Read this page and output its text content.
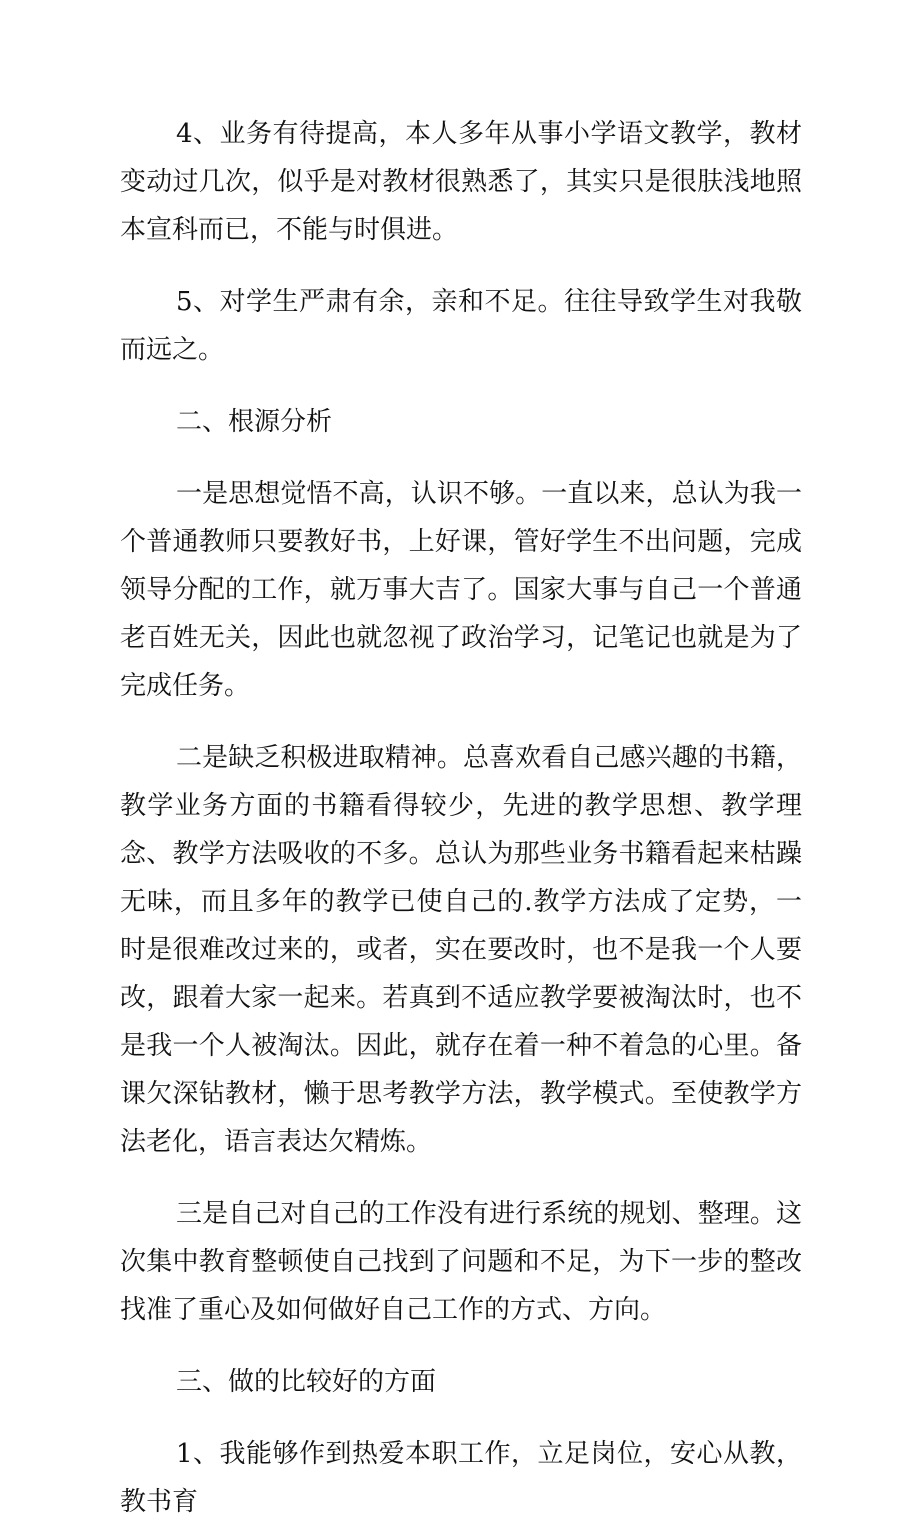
4、业务有待提高，本人多年从事小学语文教学，教材变动过几次，似乎是对教材很熟悉了，其实只是很肤浅地照本宣科而已，不能与时俱进。

5、对学生严肃有余，亲和不足。往往导致学生对我敬而远之。

二、根源分析

一是思想觉悟不高，认识不够。一直以来，总认为我一个普通教师只要教好书，上好课，管好学生不出问题，完成领导分配的工作，就万事大吉了。国家大事与自己一个普通老百姓无关，因此也就忽视了政治学习，记笔记也就是为了完成任务。

二是缺乏积极进取精神。总喜欢看自己感兴趣的书籍，教学业务方面的书籍看得较少，先进的教学思想、教学理念、教学方法吸收的不多。总认为那些业务书籍看起来枯躁无味，而且多年的教学已使自己的.教学方法成了定势，一时是很难改过来的，或者，实在要改时，也不是我一个人要改，跟着大家一起来。若真到不适应教学要被淘汰时，也不是我一个人被淘汰。因此，就存在着一种不着急的心里。备课欠深钻教材，懒于思考教学方法，教学模式。至使教学方法老化，语言表达欠精炼。

三是自己对自己的工作没有进行系统的规划、整理。这次集中教育整顿使自己找到了问题和不足，为下一步的整改找准了重心及如何做好自己工作的方式、方向。

三、做的比较好的方面

1、我能够作到热爱本职工作，立足岗位，安心从教，教书育
